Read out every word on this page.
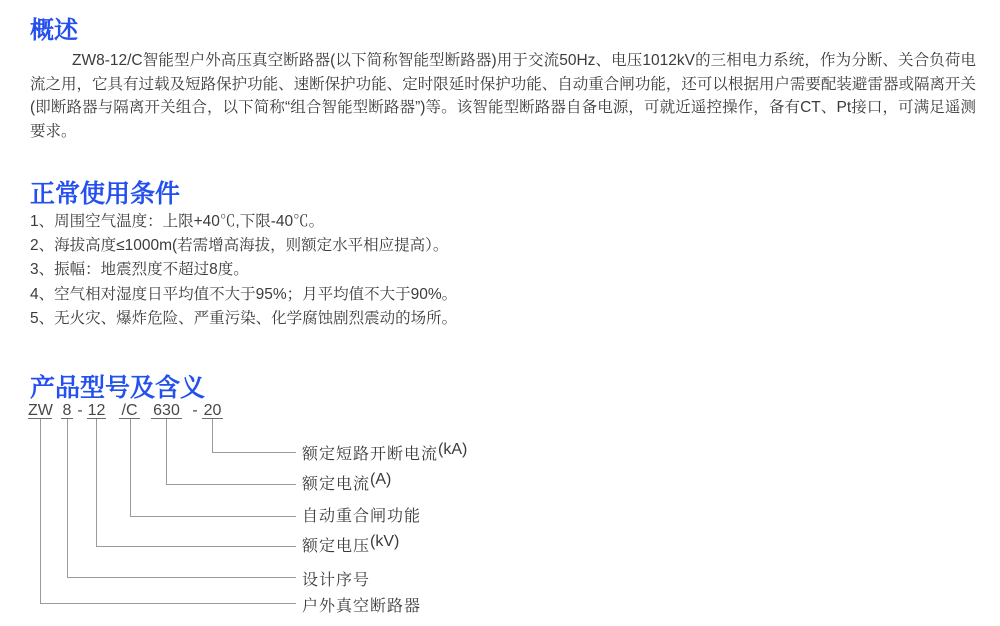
概述

ZW8-12/C智能型户外高压真空断路器(以下简称智能型断路器)用于交流50Hz、电压1012kV的三相电力系统，作为分断、关合负荷电流之用，它具有过载及短路保护功能、速断保护功能、定时限延时保护功能、自动重合闸功能，还可以根据用户需要配装避雷器或隔离开关(即断路器与隔离开关组合，以下简称“组合智能型断路器”)等。该智能型断路器自备电源，可就近遥控操作，备有CT、Pt接口，可满足遥测要求。

正常使用条件
1、周围空气温度：上限+40℃,下限-40℃。
2、海拔高度≤1000m(若需增高海拔，则额定水平相应提高）。
3、振幅：地震烈度不超过8度。
4、空气相对湿度日平均值不大于95%；月平均值不大于90%。
5、无火灾、爆炸危险、严重污染、化学腐蚀剧烈震动的场所。
产品型号及含义
ZW 8 - 12 /C 630 - 20
额定短路开断电流(kA)
额定电流(A)
自动重合闸功能
额定电压(kV)
设计序号
户外真空断路器
